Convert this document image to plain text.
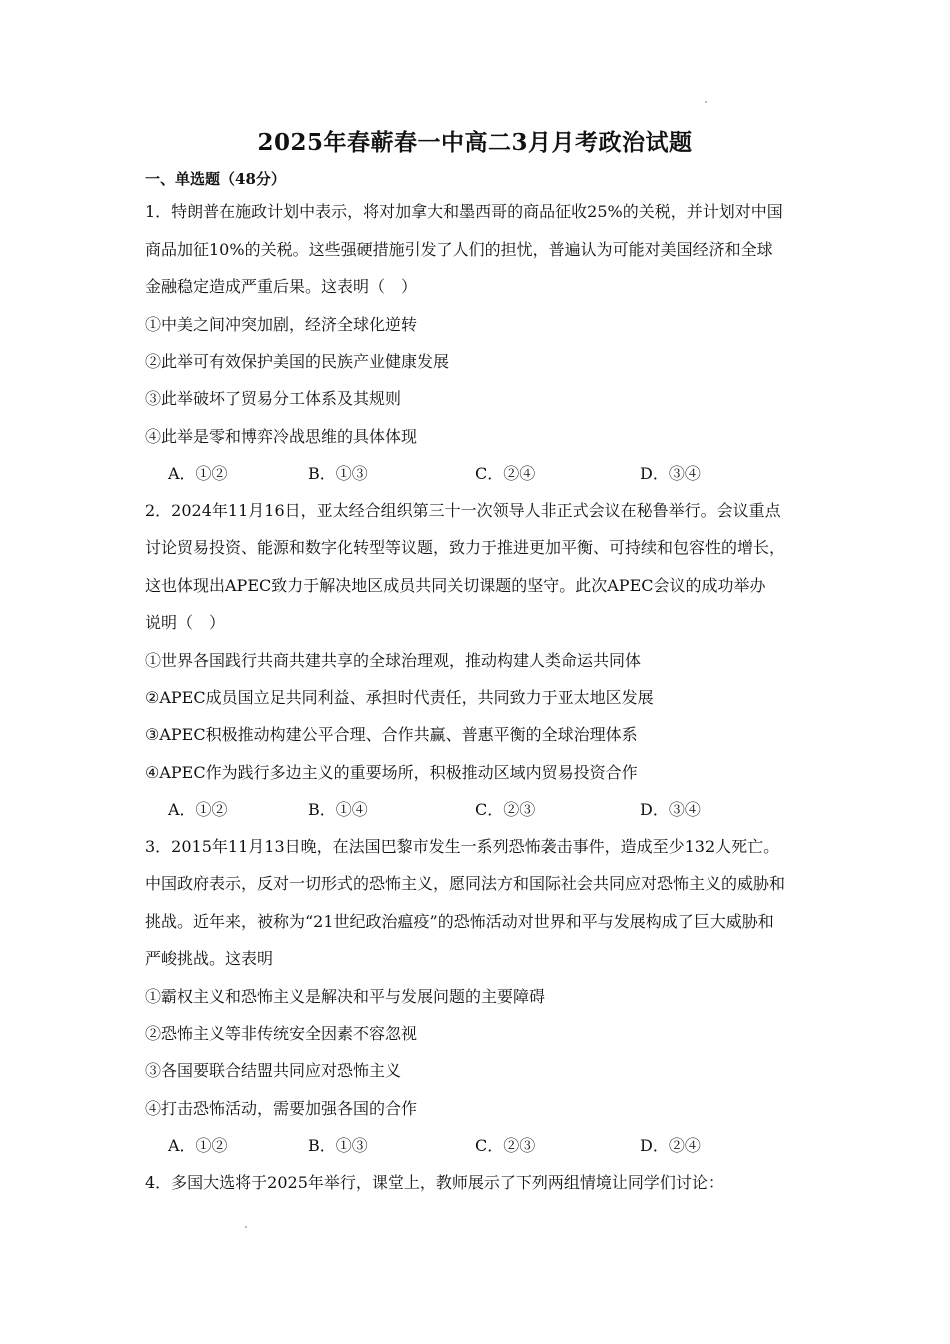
2025年春蕲春一中高二3月月考政治试题
一、单选题（48分）
1．特朗普在施政计划中表示，将对加拿大和墨西哥的商品征收25%的关税，并计划对中国
商品加征10%的关税。这些强硬措施引发了人们的担忧，普遍认为可能对美国经济和全球
金融稳定造成严重后果。这表明（　）
①中美之间冲突加剧，经济全球化逆转
②此举可有效保护美国的民族产业健康发展
③此举破坏了贸易分工体系及其规则
④此举是零和博弈冷战思维的具体体现
A．①②	B．①③	C．②④	D．③④
2．2024年11月16日，亚太经合组织第三十一次领导人非正式会议在秘鲁举行。会议重点
讨论贸易投资、能源和数字化转型等议题，致力于推进更加平衡、可持续和包容性的增长，
这也体现出APEC致力于解决地区成员共同关切课题的坚守。此次APEC会议的成功举办
说明（　）
①世界各国践行共商共建共享的全球治理观，推动构建人类命运共同体
②APEC成员国立足共同利益、承担时代责任，共同致力于亚太地区发展
③APEC积极推动构建公平合理、合作共赢、普惠平衡的全球治理体系
④APEC作为践行多边主义的重要场所，积极推动区域内贸易投资合作
A．①②	B．①④	C．②③	D．③④
3．2015年11月13日晚，在法国巴黎市发生一系列恐怖袭击事件，造成至少132人死亡。
中国政府表示，反对一切形式的恐怖主义，愿同法方和国际社会共同应对恐怖主义的威胁和
挑战。近年来，被称为“21世纪政治瘟疫”的恐怖活动对世界和平与发展构成了巨大威胁和
严峻挑战。这表明
①霸权主义和恐怖主义是解决和平与发展问题的主要障碍
②恐怖主义等非传统安全因素不容忽视
③各国要联合结盟共同应对恐怖主义
④打击恐怖活动，需要加强各国的合作
A．①②	B．①③	C．②③	D．②④
4．多国大选将于2025年举行，课堂上，教师展示了下列两组情境让同学们讨论：
